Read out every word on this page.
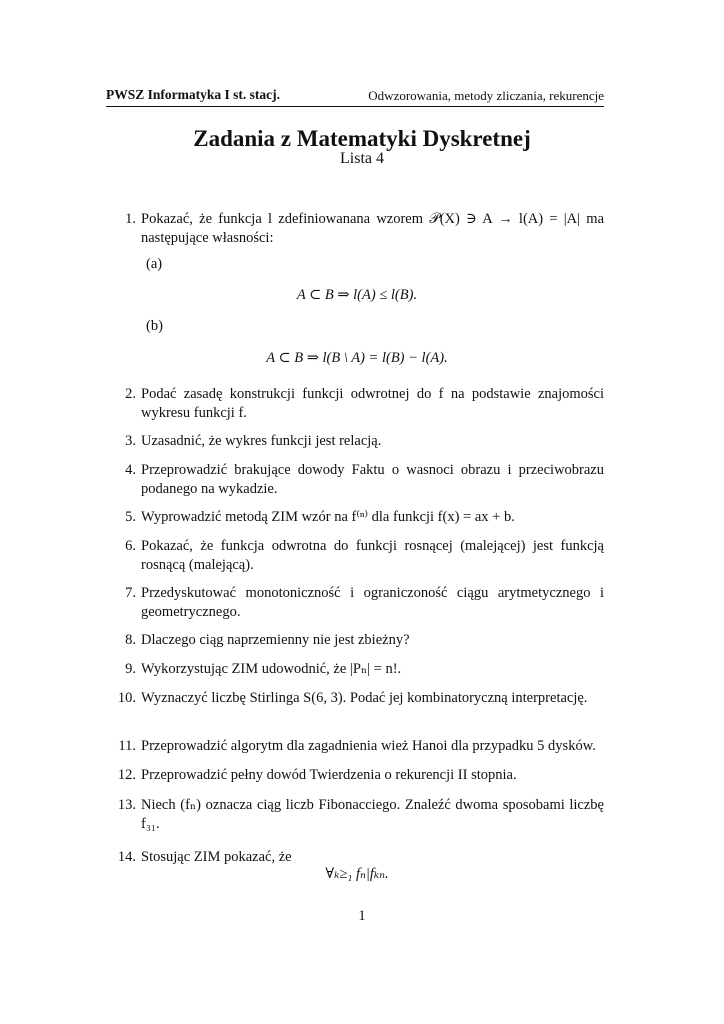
PWSZ Informatyka I st. stacj.	Odwzorowania, metody zliczania, rekurencje
Zadania z Matematyki Dyskretnej
Lista 4
1. Pokazać, że funkcja l zdefiniowanana wzorem 𝒫(X) ∋ A → l(A) = |A| ma następujące własności:
(a)
A ⊂ B ⇒ l(A) ≤ l(B).
(b)
A ⊂ B ⇒ l(B \ A) = l(B) − l(A).
2. Podać zasadę konstrukcji funkcji odwrotnej do f na podstawie znajomości wykresu funkcji f.
3. Uzasadnić, że wykres funkcji jest relacją.
4. Przeprowadzić brakujące dowody Faktu o wasnoci obrazu i przeciwobrazu podanego na wykadzie.
5. Wyprowadzić metodą ZIM wzór na f⁽ⁿ⁾ dla funkcji f(x) = ax + b.
6. Pokazać, że funkcja odwrotna do funkcji rosnącej (malejącej) jest funkcją rosnącą (malejącą).
7. Przedyskutować monotoniczność i ograniczoność ciągu arytmetycznego i geometrycznego.
8. Dlaczego ciąg naprzemienny nie jest zbieżny?
9. Wykorzystując ZIM udowodnić, że |Pₙ| = n!.
10. Wyznaczyć liczbę Stirlinga S(6, 3). Podać jej kombinatoryczną interpretację.
11. Przeprowadzić algorytm dla zagadnienia wież Hanoi dla przypadku 5 dysków.
12. Przeprowadzić pełny dowód Twierdzenia o rekurencji II stopnia.
13. Niech (fₙ) oznacza ciąg liczb Fibonacciego. Znaleźć dwoma sposobami liczbę f₃₁.
14. Stosując ZIM pokazać, że
∀ₖ≥₁ fₙ|fₖₙ.
1
